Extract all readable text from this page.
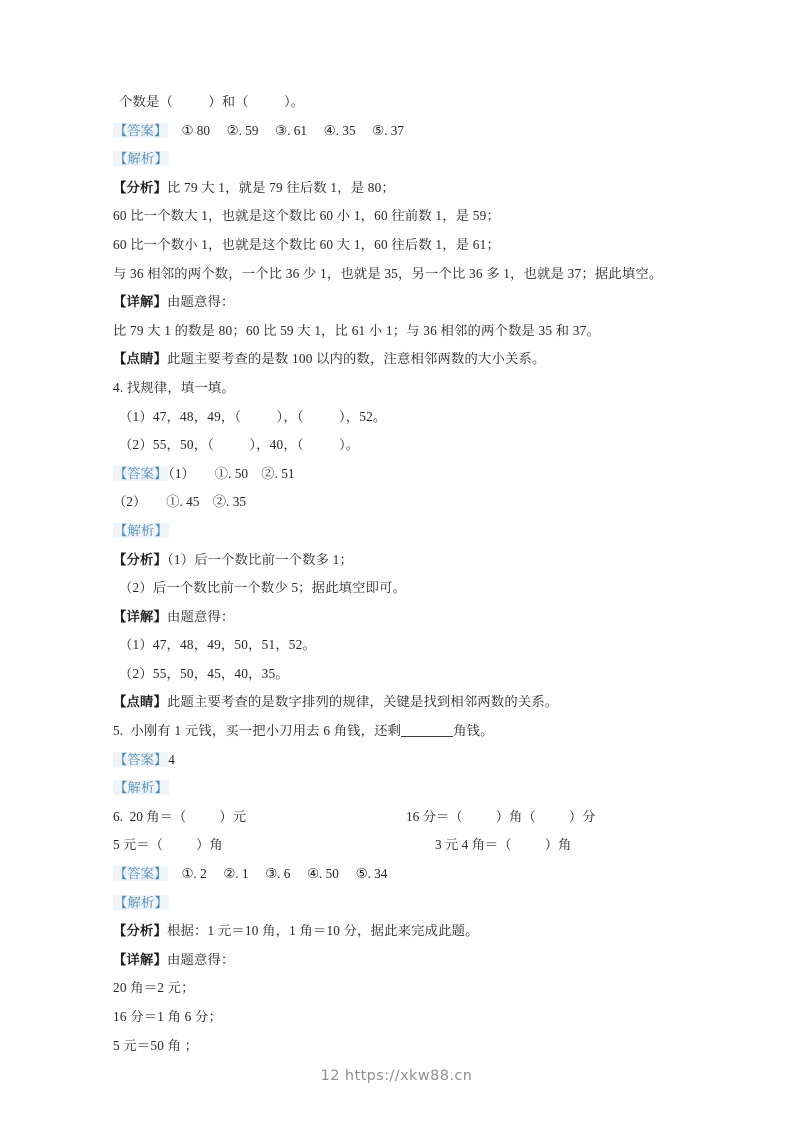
个数是（          ）和（          ）。
【答案】 ① 80 ②. 59 ③. 61 ④. 35 ⑤. 37
【解析】
【分析】比 79 大 1，就是 79 往后数 1，是 80；
60 比一个数大 1，也就是这个数比 60 小 1，60 往前数 1，是 59；
60 比一个数小 1，也就是这个数比 60 大 1，60 往后数 1，是 61；
与 36 相邻的两个数，一个比 36 少 1，也就是 35，另一个比 36 多 1，也就是 37；据此填空。
【详解】由题意得：
比 79 大 1 的数是 80；60 比 59 大 1，比 61 小 1；与 36 相邻的两个数是 35 和 37。
【点睛】此题主要考查的是数 100 以内的数，注意相邻两数的大小关系。
4. 找规律，填一填。
（1）47，48，49，（          ），（          ），52。
（2）55，50，（          ），40，（          ）。
【答案】（1） ①. 50 ②. 51
（2） ①. 45 ②. 35
【解析】
【分析】（1）后一个数比前一个数多 1；
（2）后一个数比前一个数少 5；据此填空即可。
【详解】由题意得：
（1）47，48，49，50，51，52。
（2）55，50，45，40，35。
【点睛】此题主要考查的是数字排列的规律，关键是找到相邻两数的关系。
5. 小刚有 1 元钱，买一把小刀用去 6 角钱，还剩	角钱。
【答案】4
【解析】
6. 20 角＝（          ）元	16 分＝（          ）角（          ）分
5 元＝（          ）角	3 元 4 角＝（          ）角
【答案】 ①. 2 ②. 1 ③. 6 ④. 50 ⑤. 34
【解析】
【分析】根据：1 元＝10 角，1 角＝10 分，据此来完成此题。
【详解】由题意得：
20 角＝2 元；
16 分＝1 角 6 分；
5 元＝50 角 ；
12 https://xkw88.cn
